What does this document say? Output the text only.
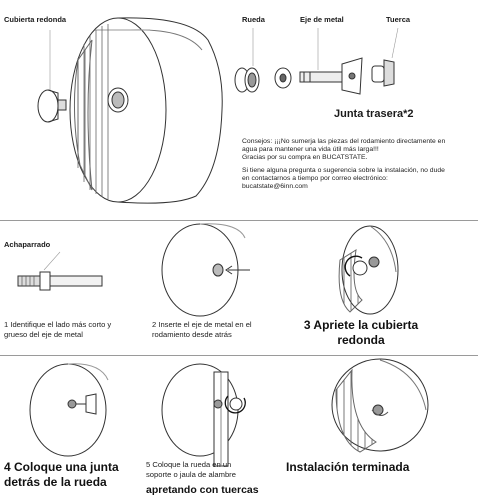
Cubierta redonda	Rueda	Eje de metal	Tuerca
Junta trasera*2
Consejos: ¡¡¡No sumerja las piezas del rodamiento directamente en
agua para mantener una vida útil más larga!!!
Gracias por su compra en BUCATSTATE.
Si tiene alguna pregunta o sugerencia sobre la instalación, no dude
en contactarnos a tiempo por correo electrónico:
bucatstate@6inn.com
Achaparrado
1 Identifique el lado más corto y
grueso del eje de metal
2 Inserte el eje de metal en el
rodamiento desde atrás
3 Apriete la cubierta
redonda
4 Coloque una junta
detrás de la rueda
5 Coloque la rueda en un
soporte o jaula de alambre
apretando con tuercas
Instalación terminada
